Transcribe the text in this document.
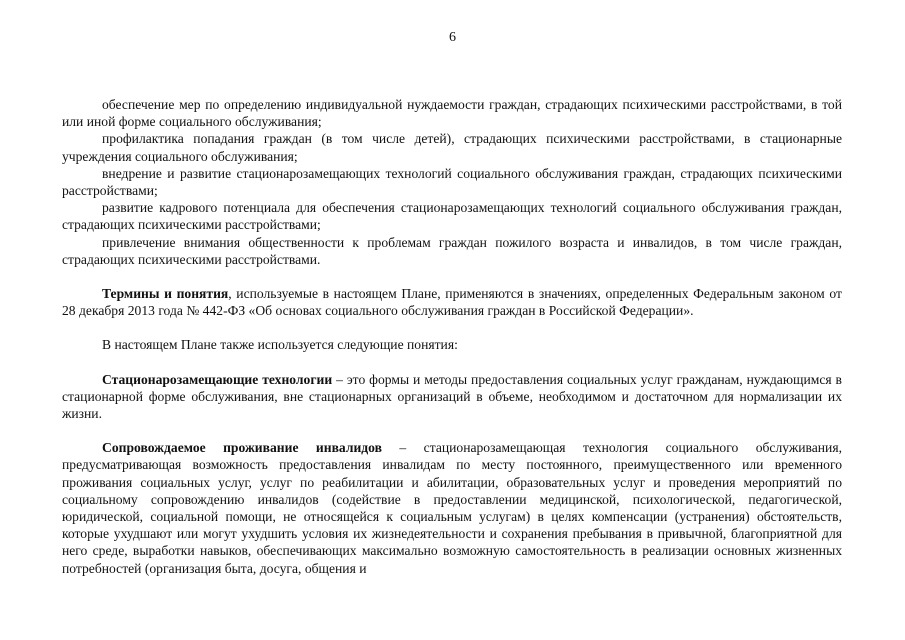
6

обеспечение мер по определению индивидуальной нуждаемости граждан, страдающих психическими расстройствами, в той или иной форме социального обслуживания;

профилактика попадания граждан (в том числе детей), страдающих психическими расстройствами, в стационарные учреждения социального обслуживания;

внедрение и развитие стационарозамещающих технологий социального обслуживания граждан, страдающих психическими расстройствами;

развитие кадрового потенциала для обеспечения стационарозамещающих технологий социального обслуживания граждан, страдающих психическими расстройствами;

привлечение внимания общественности к проблемам граждан пожилого возраста и инвалидов, в том числе граждан, страдающих психическими расстройствами.

Термины и понятия, используемые в настоящем Плане, применяются в значениях, определенных Федеральным законом от 28 декабря 2013 года № 442-ФЗ «Об основах социального обслуживания граждан в Российской Федерации».

В настоящем Плане также используется следующие понятия:

Стационарозамещающие технологии – это формы и методы предоставления социальных услуг гражданам, нуждающимся в стационарной форме обслуживания, вне стационарных организаций в объеме, необходимом и достаточном для нормализации их жизни.

Сопровождаемое проживание инвалидов – стационарозамещающая технология социального обслуживания, предусматривающая возможность предоставления инвалидам по месту постоянного, преимущественного или временного проживания социальных услуг, услуг по реабилитации и абилитации, образовательных услуг и проведения мероприятий по социальному сопровождению инвалидов (содействие в предоставлении медицинской, психологической, педагогической, юридической, социальной помощи, не относящейся к социальным услугам) в целях компенсации (устранения) обстоятельств, которые ухудшают или могут ухудшить условия их жизнедеятельности и сохранения пребывания в привычной, благоприятной для него среде, выработки навыков, обеспечивающих максимально возможную самостоятельность в реализации основных жизненных потребностей (организация быта, досуга, общения и
